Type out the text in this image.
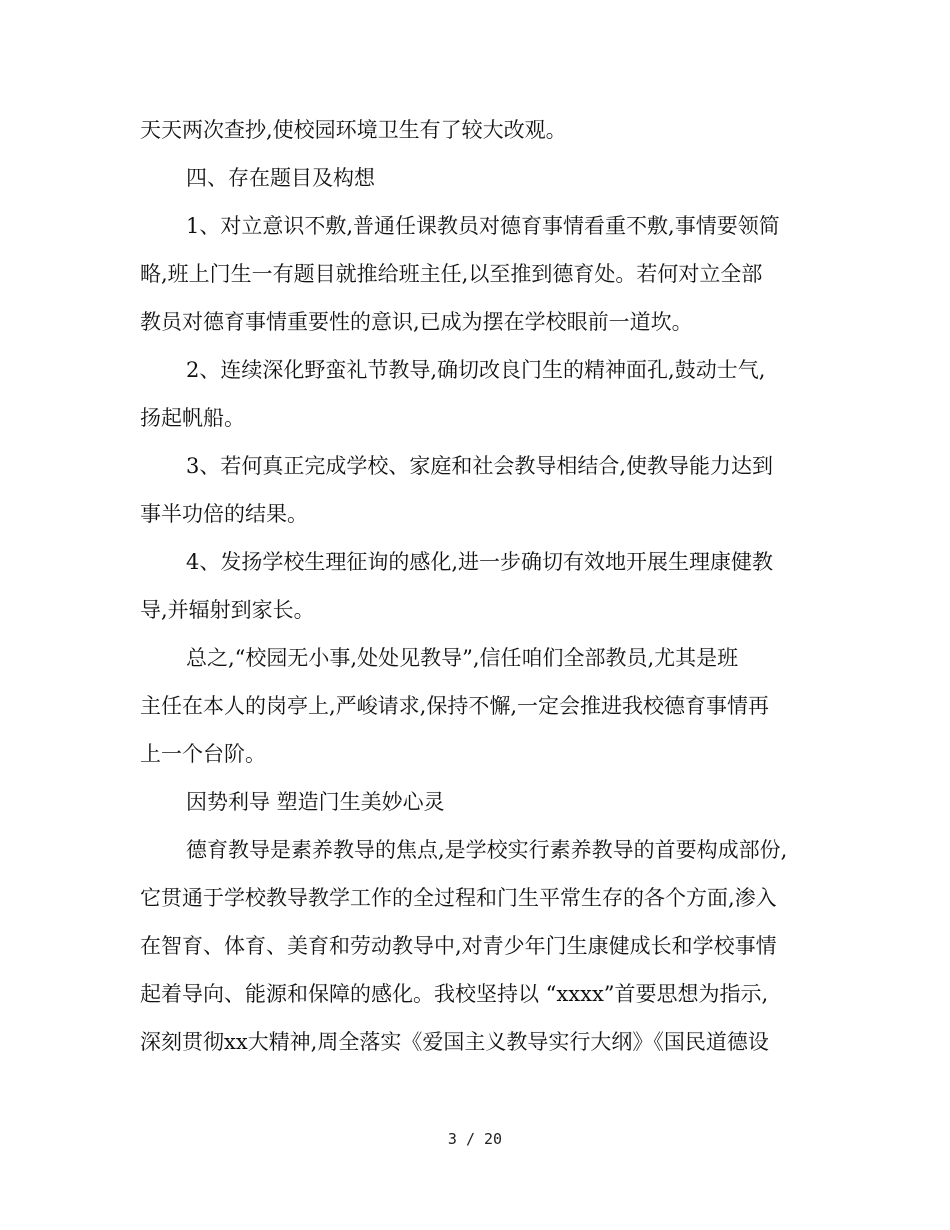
天天两次查抄,使校园环境卫生有了较大改观。
四、存在题目及构想
1、对立意识不敷,普通任课教员对德育事情看重不敷,事情要领简
略,班上门生一有题目就推给班主任,以至推到德育处。若何对立全部
教员对德育事情重要性的意识,已成为摆在学校眼前一道坎。
2、连续深化野蛮礼节教导,确切改良门生的精神面孔,鼓动士气,
扬起帆船。
3、若何真正完成学校、家庭和社会教导相结合,使教导能力达到
事半功倍的结果。
4、发扬学校生理征询的感化,进一步确切有效地开展生理康健教
导,并辐射到家长。
总之,“校园无小事,处处见教导”,信任咱们全部教员,尤其是班
主任在本人的岗亭上,严峻请求,保持不懈,一定会推进我校德育事情再
上一个台阶。
因势利导 塑造门生美妙心灵
德育教导是素养教导的焦点,是学校实行素养教导的首要构成部份,
它贯通于学校教导教学工作的全过程和门生平常生存的各个方面,渗入
在智育、体育、美育和劳动教导中,对青少年门生康健成长和学校事情
起着导向、能源和保障的感化。我校坚持以 “xxxx”首要思想为指示,
深刻贯彻xx大精神,周全落实《爱国主义教导实行大纲》《国民道德设
3 / 20
